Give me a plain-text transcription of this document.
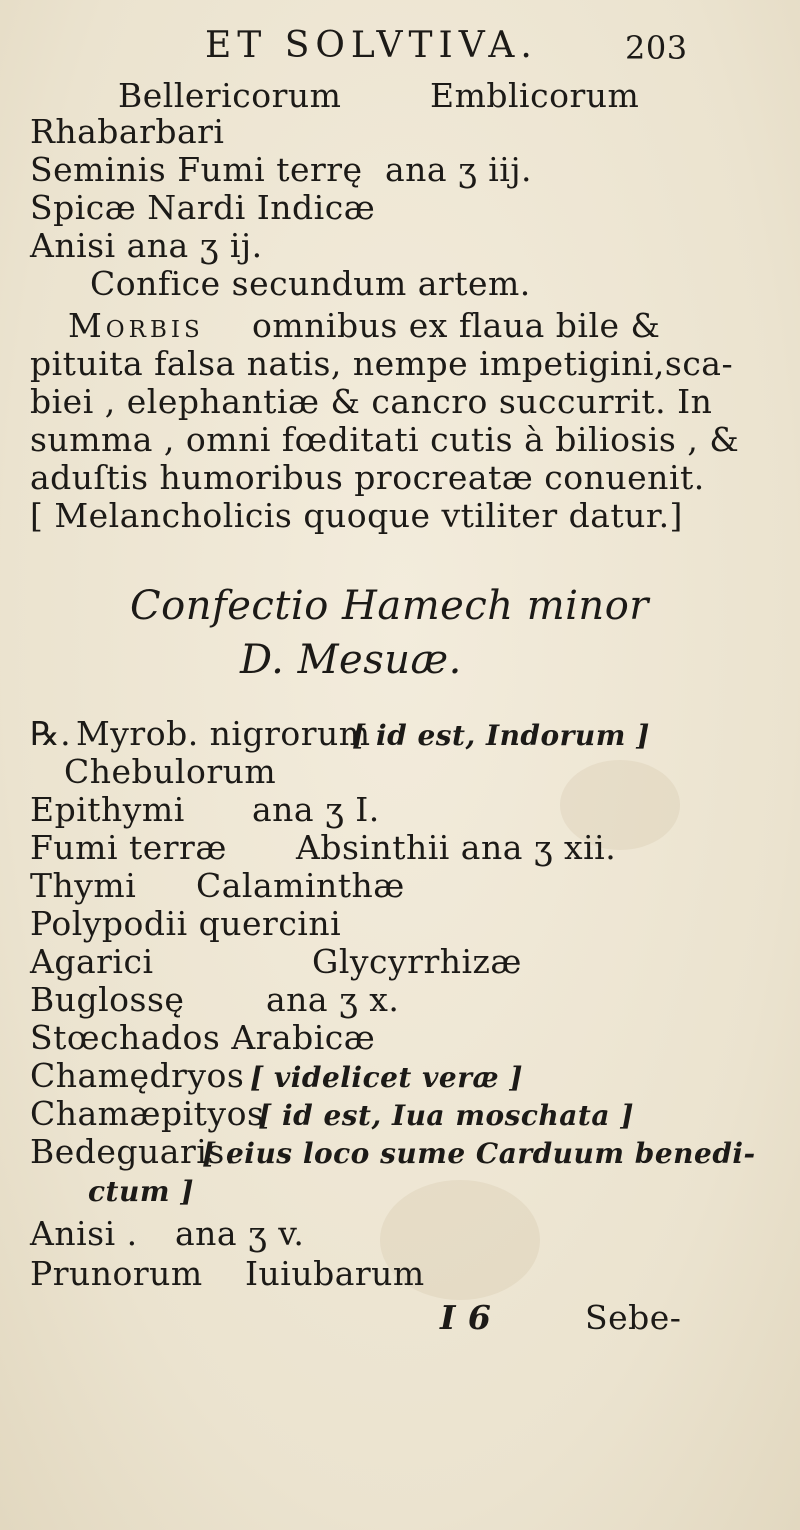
ET SOLVTIVA.	203
Bellericorum	Emblicorum
Rhabarbari
Seminis Fumi terrę ana ʒ iij.
Spicæ Nardi Indicæ
Anisi ana ʒ ij.
Confice secundum artem.
Morbis omnibus ex flaua bile &
pituita falsa natis, nempe impetigini,sca-
biei , elephantiæ & cancro succurrit. In
summa , omni fœditati cutis à biliosis , &
aduſtis humoribus procreatæ conuenit.
[ Melancholicis quoque vtiliter datur.]
Confectio Hamech minor
D. Mesuæ.
℞. Myrob. nigrorum
[ id est, Indorum ]
Chebulorum
Epithymi ana ʒ I.
Fumi terræ Absinthii ana ʒ xii.
Thymi Calaminthæ
Polypodii quercini
Agarici	Glycyrrhizæ
Buglossę ana ʒ x.
Stœchados Arabicæ
Chamędryos [ videlicet veræ ]
Chamæpityos
[ id est, Iua moschata ]
Bedeguaris.
[ eius loco sume Carduum benedi-
ctum ]
Anisi . ana ʒ v.
Prunorum Iuiubarum
I 6	Sebe-
